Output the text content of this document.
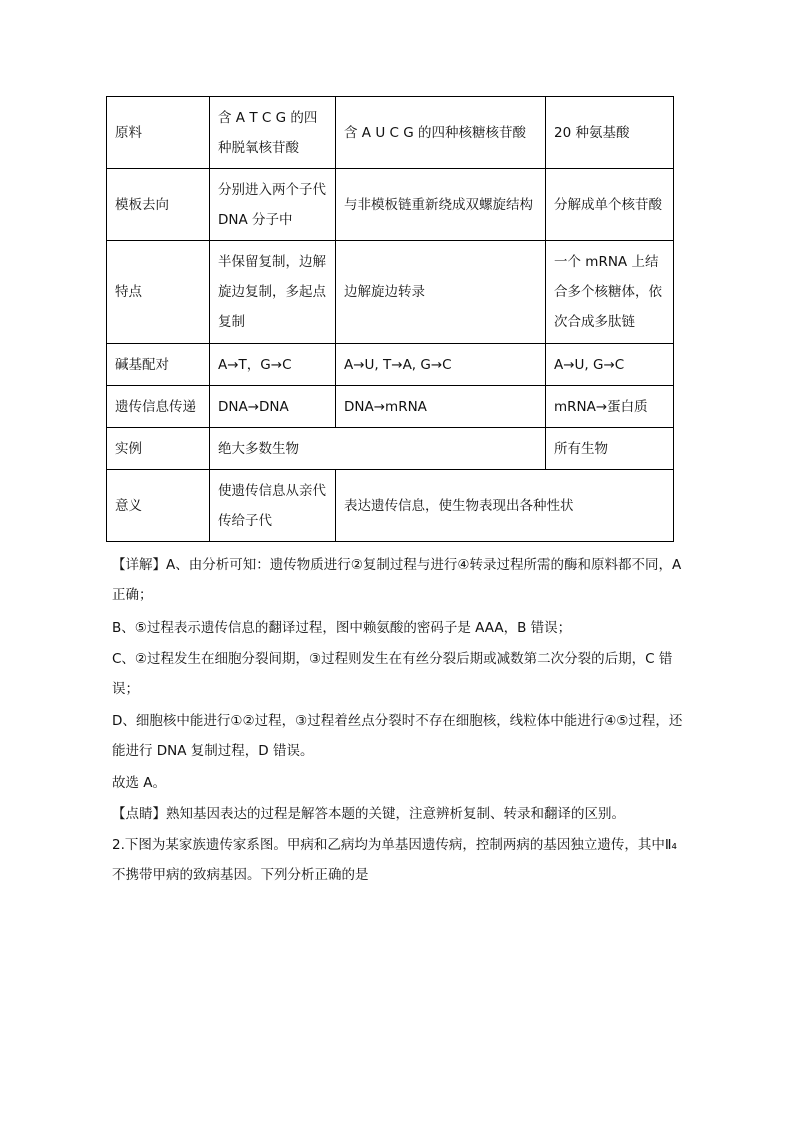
原料	含 A T C G 的四种脱氧核苷酸	含 A U C G 的四种核糖核苷酸	20 种氨基酸
模板去向	分别进入两个子代 DNA 分子中	与非模板链重新绕成双螺旋结构	分解成单个核苷酸
特点	半保留复制，边解旋边复制，多起点复制	边解旋边转录	一个 mRNA 上结合多个核糖体，依次合成多肽链
碱基配对	A→T，G→C	A→U, T→A, G→C	A→U, G→C
遗传信息传递	DNA→DNA	DNA→mRNA	mRNA→蛋白质
实例	绝大多数生物		所有生物
意义	使遗传信息从亲代传给子代	表达遗传信息，使生物表现出各种性状	

【详解】A、由分析可知：遗传物质进行②复制过程与进行④转录过程所需的酶和原料都不同，A 正确；

B、⑤过程表示遗传信息的翻译过程，图中赖氨酸的密码子是 AAA，B 错误；

C、②过程发生在细胞分裂间期，③过程则发生在有丝分裂后期或减数第二次分裂的后期，C 错误；

D、细胞核中能进行①②过程，③过程着丝点分裂时不存在细胞核，线粒体中能进行④⑤过程，还能进行 DNA 复制过程，D 错误。

故选 A。

【点睛】熟知基因表达的过程是解答本题的关键，注意辨析复制、转录和翻译的区别。

2.下图为某家族遗传家系图。甲病和乙病均为单基因遗传病，控制两病的基因独立遗传，其中Ⅱ₄不携带甲病的致病基因。下列分析正确的是
